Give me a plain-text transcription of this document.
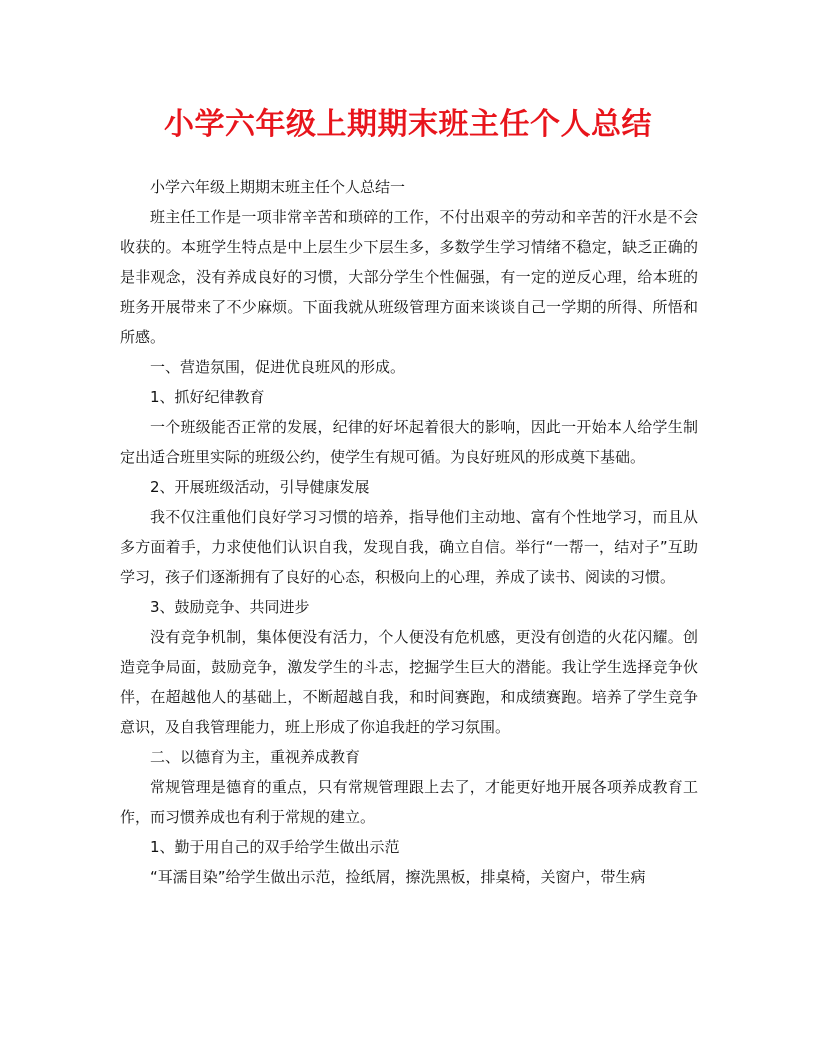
小学六年级上期期末班主任个人总结

小学六年级上期期末班主任个人总结一

班主任工作是一项非常辛苦和琐碎的工作，不付出艰辛的劳动和辛苦的汗水是不会收获的。本班学生特点是中上层生少下层生多，多数学生学习情绪不稳定，缺乏正确的是非观念，没有养成良好的习惯，大部分学生个性倔强，有一定的逆反心理，给本班的班务开展带来了不少麻烦。下面我就从班级管理方面来谈谈自己一学期的所得、所悟和所感。

一、营造氛围，促进优良班风的形成。

1、抓好纪律教育

一个班级能否正常的发展，纪律的好坏起着很大的影响，因此一开始本人给学生制定出适合班里实际的班级公约，使学生有规可循。为良好班风的形成奠下基础。

2、开展班级活动，引导健康发展

我不仅注重他们良好学习习惯的培养，指导他们主动地、富有个性地学习，而且从多方面着手，力求使他们认识自我，发现自我，确立自信。举行“一帮一，结对子”互助学习，孩子们逐渐拥有了良好的心态，积极向上的心理，养成了读书、阅读的习惯。

3、鼓励竞争、共同进步

没有竞争机制，集体便没有活力，个人便没有危机感，更没有创造的火花闪耀。创造竞争局面，鼓励竞争，激发学生的斗志，挖掘学生巨大的潜能。我让学生选择竞争伙伴，在超越他人的基础上，不断超越自我，和时间赛跑，和成绩赛跑。培养了学生竞争意识，及自我管理能力，班上形成了你追我赶的学习氛围。

二、以德育为主，重视养成教育

常规管理是德育的重点，只有常规管理跟上去了，才能更好地开展各项养成教育工作，而习惯养成也有利于常规的建立。

1、勤于用自己的双手给学生做出示范

“耳濡目染”给学生做出示范，捡纸屑，擦洗黑板，排桌椅，关窗户，带生病
